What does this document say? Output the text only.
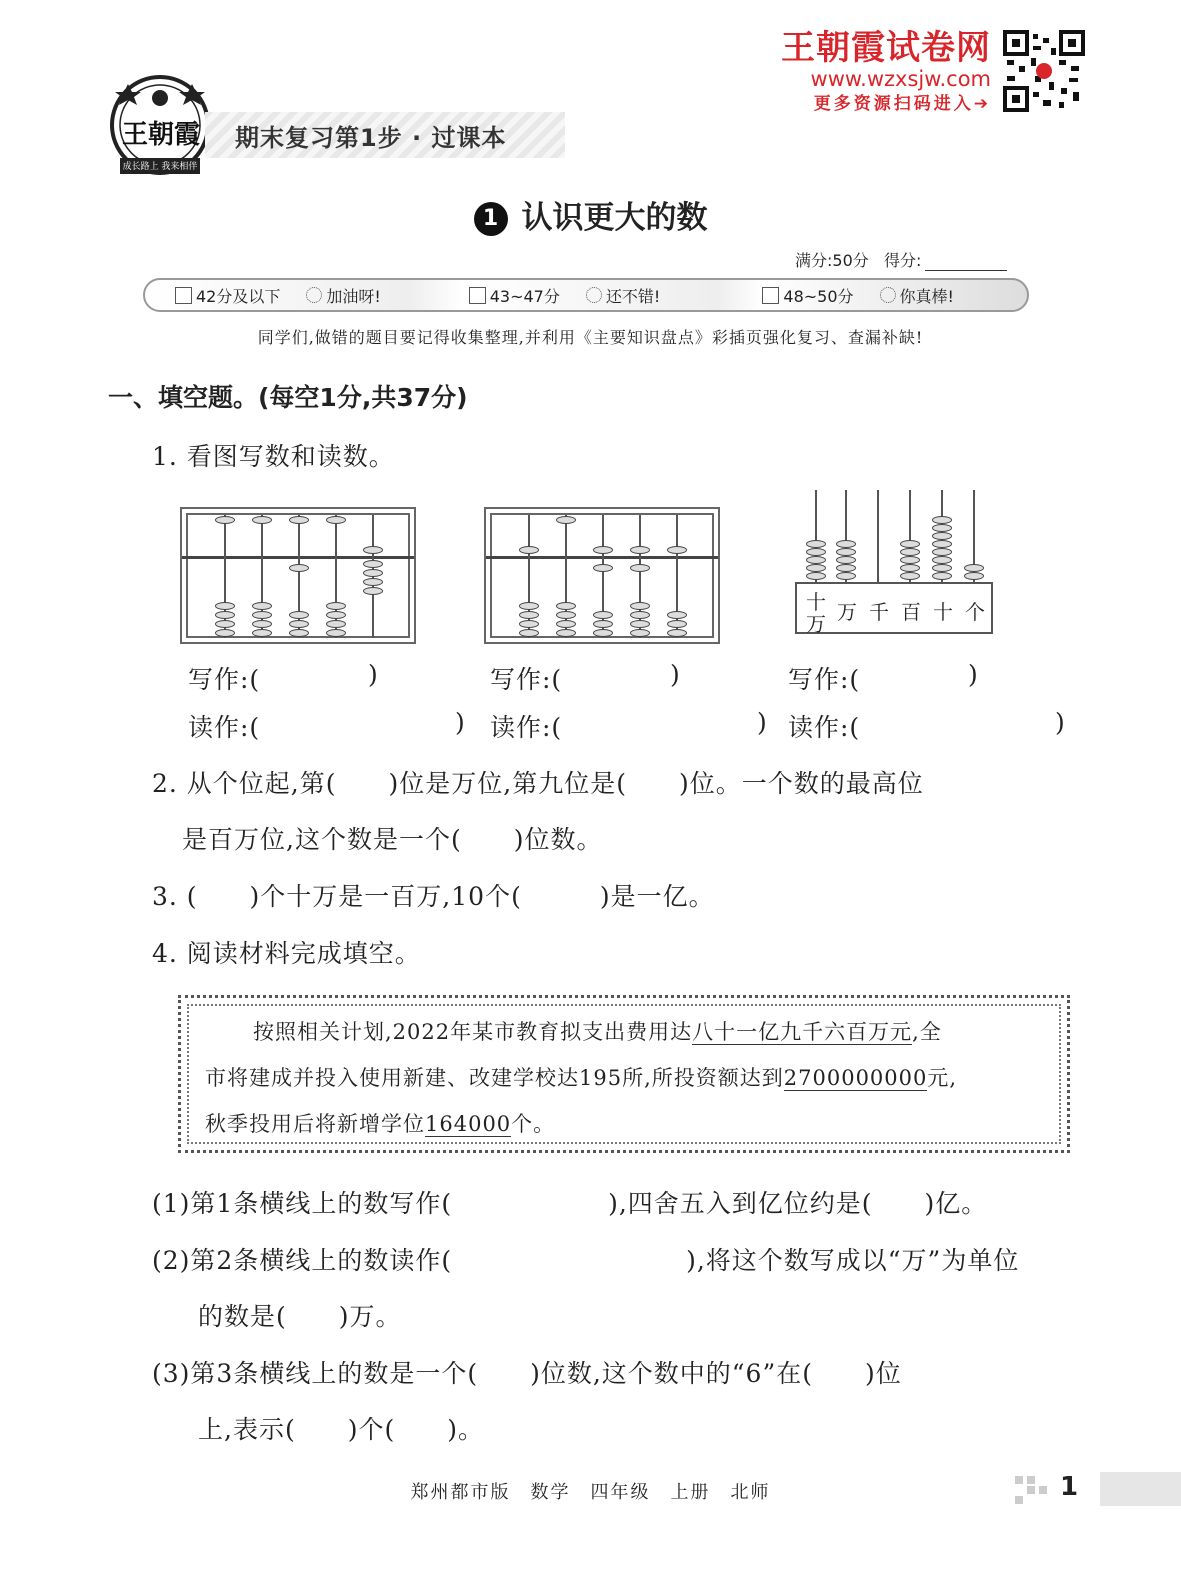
王朝霞
成长路上 我来相伴
期末复习第1步 · 过课本
王朝霞试卷网
www.wzxsjw.com
更多资源扫码进入➔
1 认识更大的数
满分:50分 得分:
42分及以下	加油呀!	43~47分	还不错!	48~50分	你真棒!
同学们,做错的题目要记得收集整理,并利用《主要知识盘点》彩插页强化复习、查漏补缺!
一、填空题。(每空1分,共37分)
1. 看图写数和读数。
十
万 万 千 百 十 个
写作:(	)	写作:(	)	写作:(	)
读作:(	) 读作:(	) 读作:(	)
2. 从个位起,第(　　)位是万位,第九位是(　　)位。一个数的最高位
是百万位,这个数是一个(　　)位数。
3. (　　)个十万是一百万,10个(　　　)是一亿。
4. 阅读材料完成填空。

按照相关计划,2022年某市教育拟支出费用达八十一亿九千六百万元,全

市将建成并投入使用新建、改建学校达195所,所投资额达到2700000000元,

秋季投用后将新增学位164000个。

(1)第1条横线上的数写作(　　　　　　),四舍五入到亿位约是(　　)亿。
(2)第2条横线上的数读作(　　　　　　　　　),将这个数写成以“万”为单位
的数是(　　)万。
(3)第3条横线上的数是一个(　　)位数,这个数中的“6”在(　　)位
上,表示(　　)个(　　)。
郑州都市版　数学　四年级　上册　北师	1
